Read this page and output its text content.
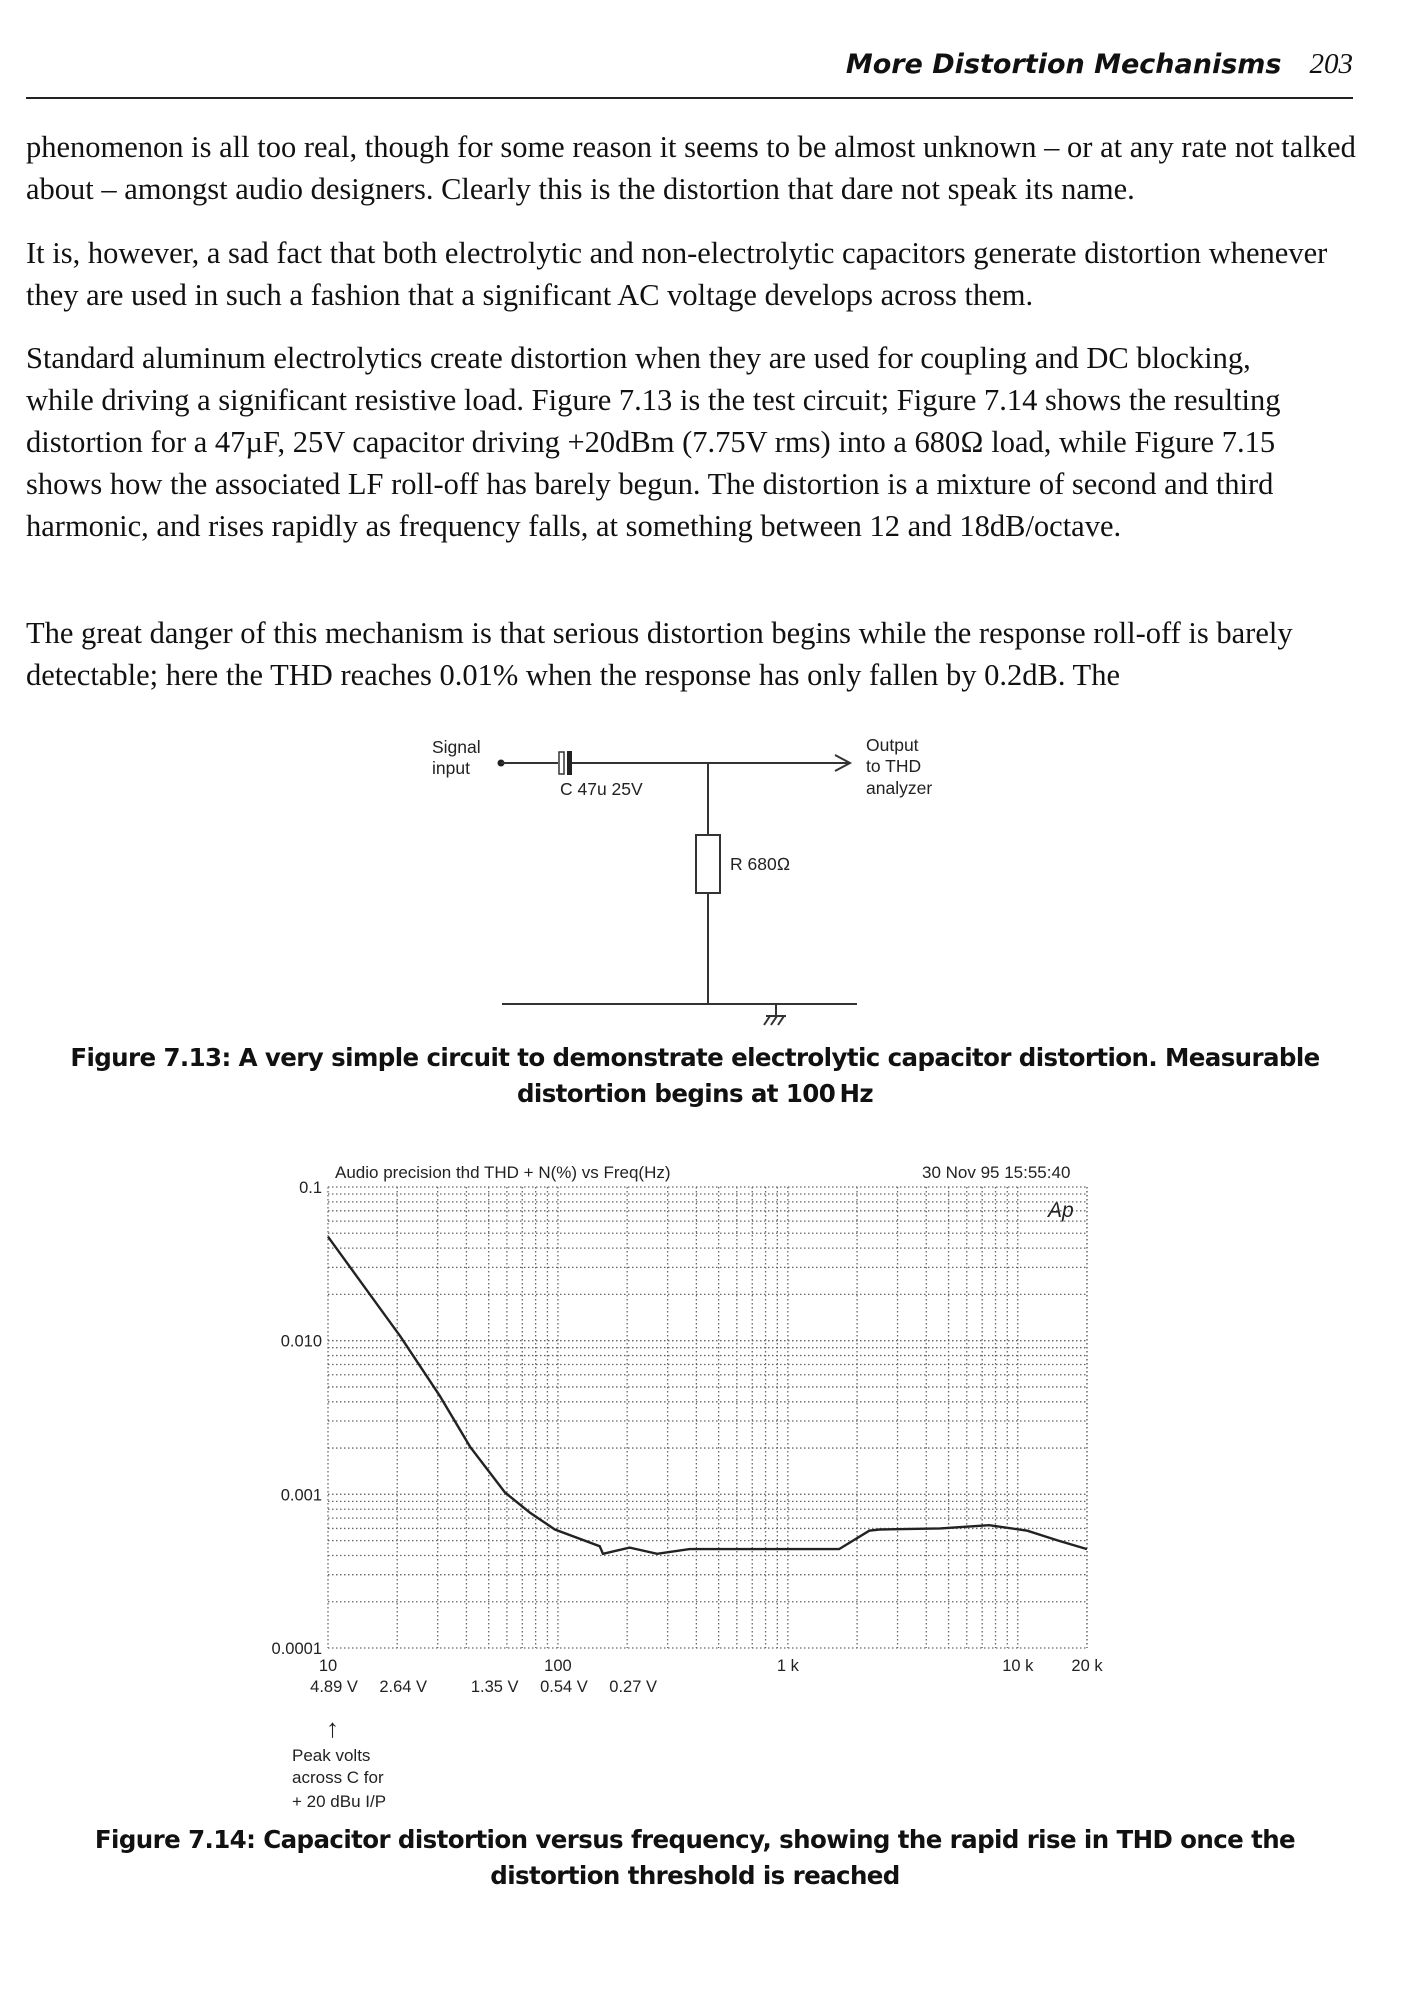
More Distortion Mechanisms 203

phenomenon is all too real, though for some reason it seems to be almost unknown – or at any rate not talked about – amongst audio designers. Clearly this is the distortion that dare not speak its name.

It is, however, a sad fact that both electrolytic and non-electrolytic capacitors generate distortion whenever they are used in such a fashion that a significant AC voltage develops across them.

Standard aluminum electrolytics create distortion when they are used for coupling and DC blocking, while driving a significant resistive load. Figure 7.13 is the test circuit; Figure 7.14 shows the resulting distortion for a 47µF, 25V capacitor driving +20dBm (7.75V rms) into a 680Ω load, while Figure 7.15 shows how the associated LF roll-off has barely begun. The distortion is a mixture of second and third harmonic, and rises rapidly as frequency falls, at something between 12 and 18dB/octave.

The great danger of this mechanism is that serious distortion begins while the response roll-off is barely detectable; here the THD reaches 0.01% when the response has only fallen by 0.2dB. The

Signal
input
C 47u 25V
Output
to THD
analyzer
R 680Ω

Figure 7.13: A very simple circuit to demonstrate electrolytic capacitor distortion. Measurable distortion begins at 100 Hz

Audio precision thd THD + N(%) vs Freq(Hz)	30 Nov 95 15:55:40
0.1
0.010
0.001
0.0001
10	100	1 k	10 k 20 k
Ap
4.89 V 2.64 V	1.35 V 0.54 V 0.27 V
↑
Peak volts
across C for
+ 20 dBu I/P

Figure 7.14: Capacitor distortion versus frequency, showing the rapid rise in THD once the distortion threshold is reached
